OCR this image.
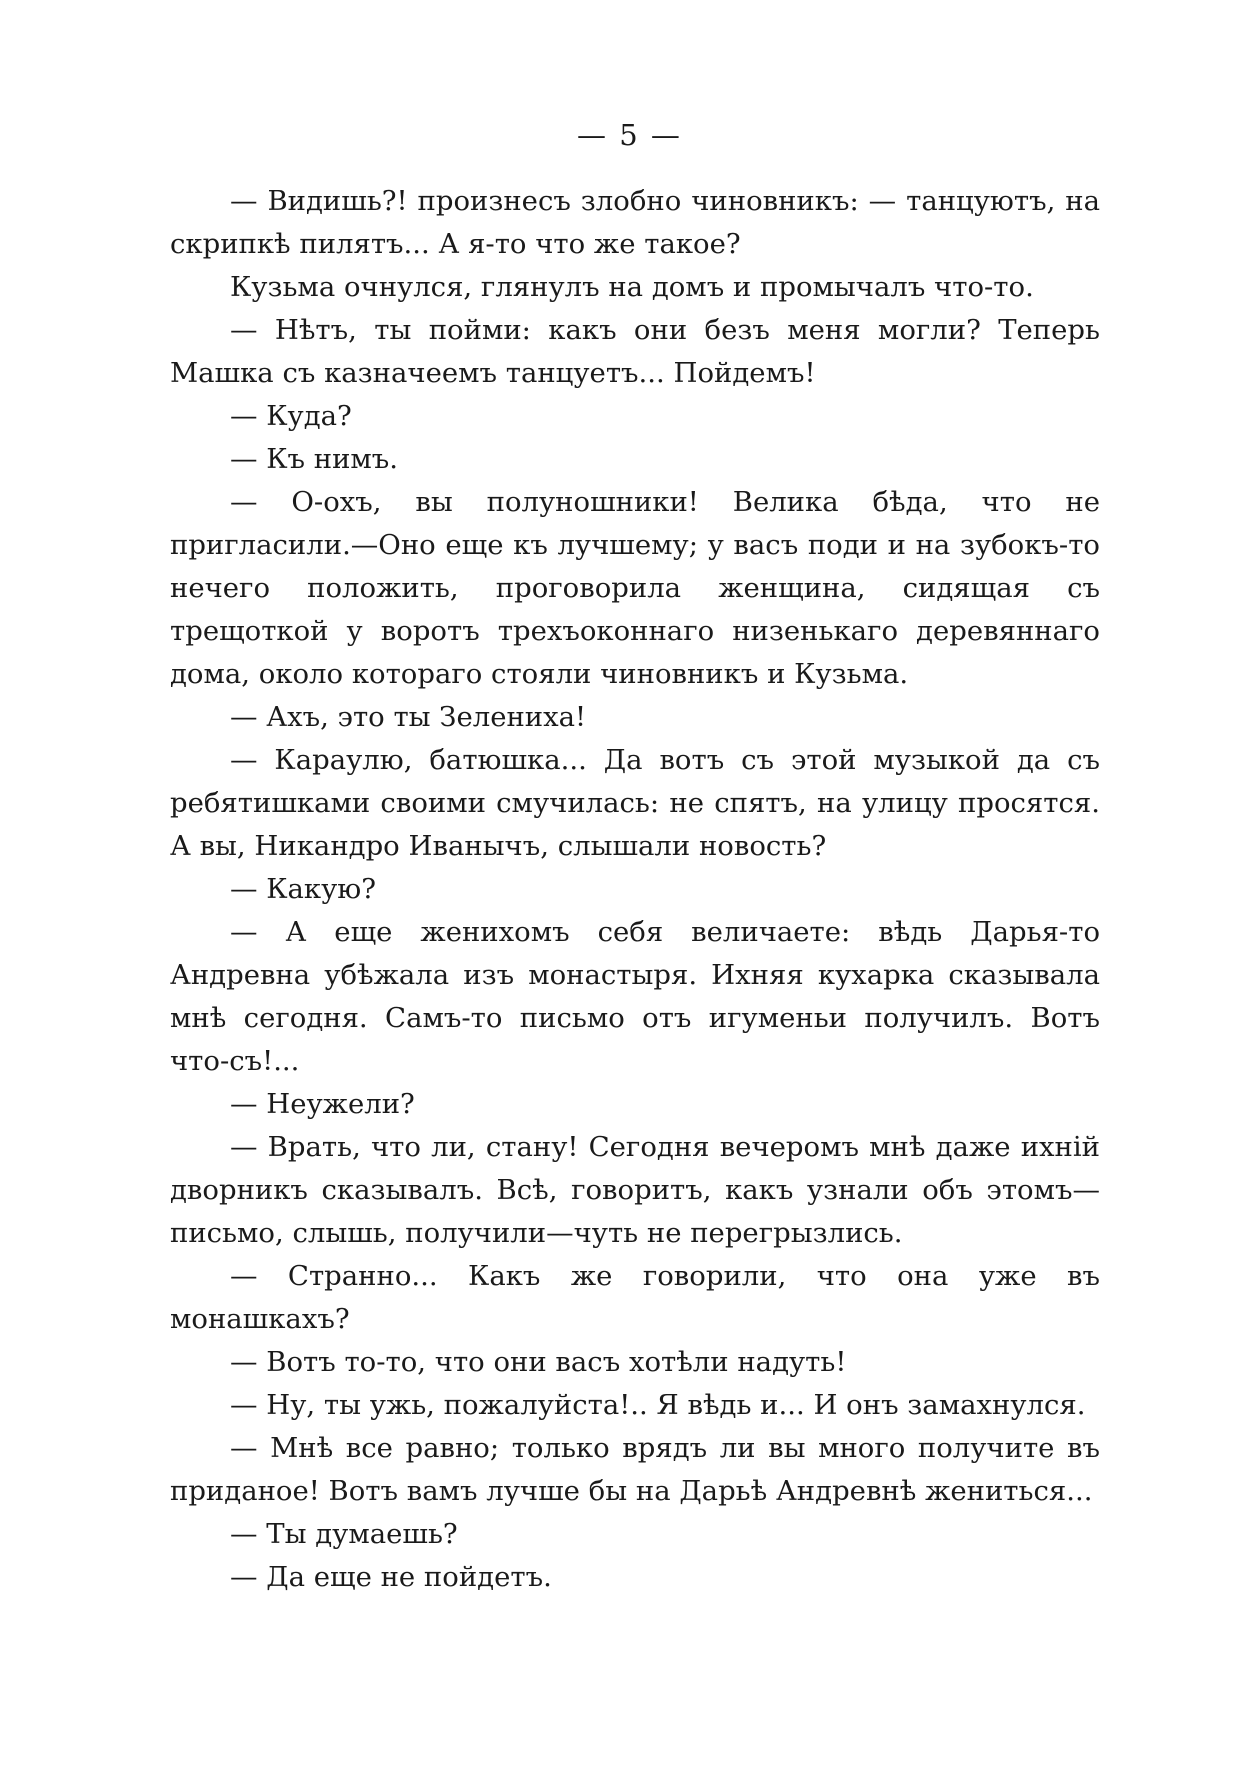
— 5 —

— Видишь?! произнесъ злобно чиновникъ: — танцуютъ, на скрипкѣ пилятъ... А я-то что же такое?

Кузьма очнулся, глянулъ на домъ и промычалъ что-то.

— Нѣтъ, ты пойми: какъ они безъ меня могли? Теперь Машка съ казначеемъ танцуетъ... Пойдемъ!

— Куда?

— Къ нимъ.

— О-охъ, вы полуношники! Велика бѣда, что не пригласили.—Оно еще къ лучшему; у васъ поди и на зубокъ-то нечего положить, проговорила женщина, сидящая съ трещоткой у воротъ трехъоконнаго низенькаго деревяннаго дома, около котораго стояли чиновникъ и Кузьма.

— Ахъ, это ты Зелениха!

— Караулю, батюшка... Да вотъ съ этой музыкой да съ ребятишками своими смучилась: не спятъ, на улицу просятся. А вы, Никандро Иванычъ, слышали новость?

— Какую?

— А еще женихомъ себя величаете: вѣдь Дарья-то Андревна убѣжала изъ монастыря. Ихняя кухарка сказывала мнѣ сегодня. Самъ-то письмо отъ игуменьи получилъ. Вотъ что-съ!...

— Неужели?

— Врать, что ли, стану! Сегодня вечеромъ мнѣ даже ихній дворникъ сказывалъ. Всѣ, говоритъ, какъ узнали объ этомъ— письмо, слышь, получили—чуть не перегрызлись.

— Странно... Какъ же говорили, что она уже въ монашкахъ?

— Вотъ то-то, что они васъ хотѣли надуть!

— Ну, ты ужь, пожалуйста!.. Я вѣдь и... И онъ замахнулся.

— Мнѣ все равно; только врядъ ли вы много получите въ приданое! Вотъ вамъ лучше бы на Дарьѣ Андревнѣ жениться...

— Ты думаешь?

— Да еще не пойдетъ.
